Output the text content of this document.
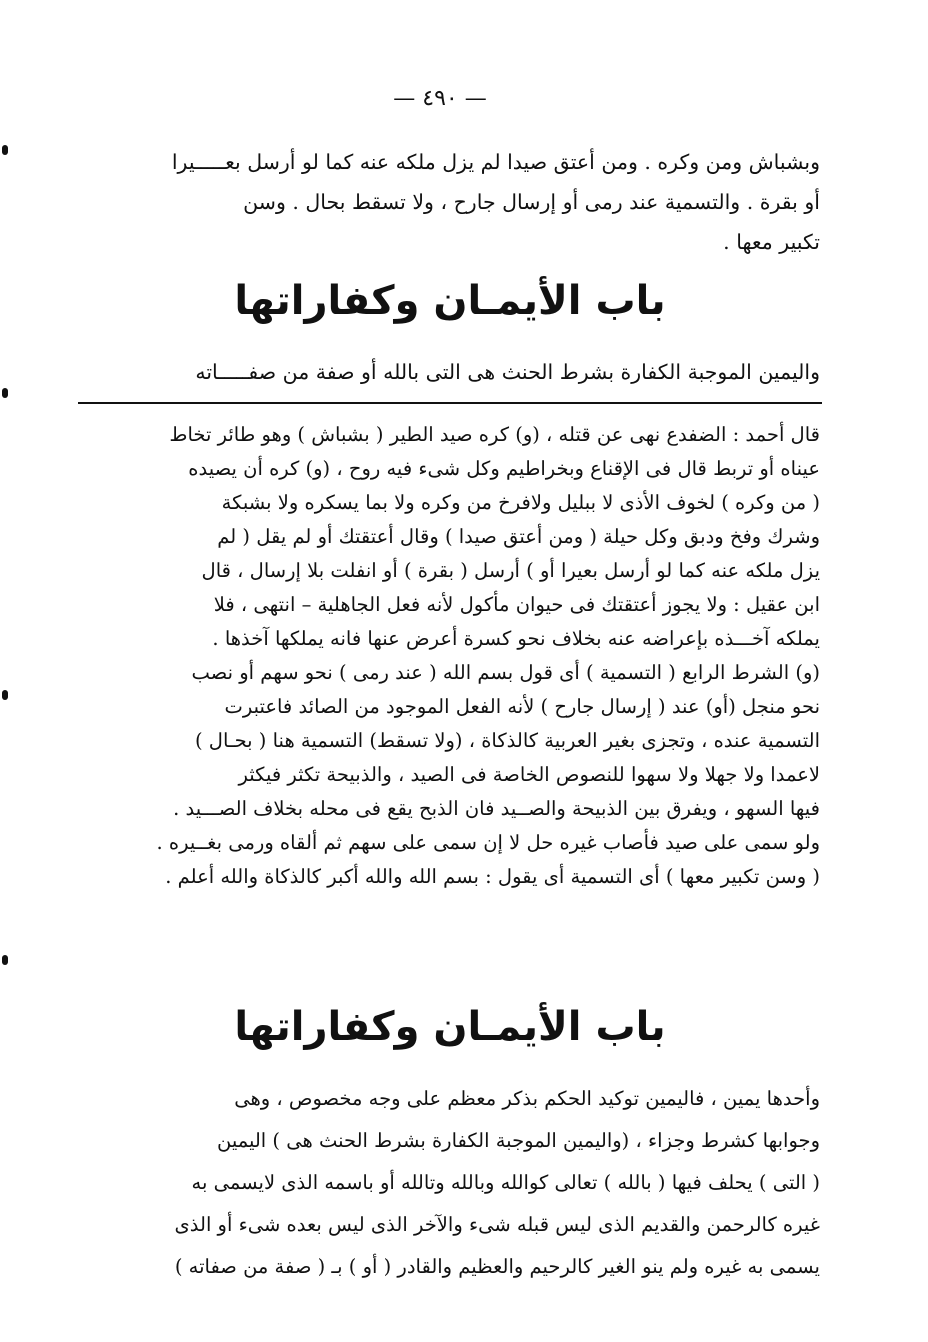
— ٤٩٠ —
وبشباش ومن وكره . ومن أعتق صيدا لم يزل ملكه عنه كما لو أرسل بعـــــيرا
أو بقرة . والتسمية عند رمى أو إرسال جارح ، ولا تسقط بحال . وسن
تكبير معها .
باب الأيمـان وكفاراتها
واليمين الموجبة الكفارة بشرط الحنث هى التى بالله أو صفة من صفـــــاته
قال أحمد : الضفدع نهى عن قتله ، (و) كره صيد الطير ( بشباش ) وهو طائر تخاط
عيناه أو تربط قال فى الإقناع وبخراطيم وكل شىء فيه روح ، (و) كره أن يصيده
( من وكره ) لخوف الأذى لا ببليل ولافرخ من وكره ولا بما يسكره ولا بشبكة
وشرك وفخ ودبق وكل حيلة ( ومن أعتق صيدا ) وقال أعتقتك أو لم يقل ( لم
يزل ملكه عنه كما لو أرسل بعيرا أو ) أرسل ( بقرة ) أو انفلت بلا إرسال ، قال
ابن عقيل : ولا يجوز أعتقتك فى حيوان مأكول لأنه فعل الجاهلية – انتهى ، فلا
يملكه آخـــذه بإعراضه عنه بخلاف نحو كسرة أعرض عنها فانه يملكها آخذها .
(و) الشرط الرابع ( التسمية ) أى قول بسم الله ( عند رمى ) نحو سهم أو نصب
نحو منجل (أو) عند ( إرسال جارح ) لأنه الفعل الموجود من الصائد فاعتبرت
التسمية عنده ، وتجزى بغير العربية كالذكاة ، (ولا تسقط) التسمية هنا ( بحـال )
لاعمدا ولا جهلا ولا سهوا للنصوص الخاصة فى الصيد ، والذبيحة تكثر فيكثر
فيها السهو ، ويفرق بين الذبيحة والصــيد فان الذبح يقع فى محله بخلاف الصـــيد .
ولو سمى على صيد فأصاب غيره حل لا إن سمى على سهم ثم ألقاه ورمى بغــيره .
( وسن تكبير معها ) أى التسمية أى يقول : بسم الله والله أكبر كالذكاة والله أعلم .
باب الأيمـان وكفاراتها
وأحدها يمين ، فاليمين توكيد الحكم بذكر معظم على وجه مخصوص ، وهى
وجوابها كشرط وجزاء ، (واليمين الموجبة الكفارة بشرط الحنث هى ) اليمين
( التى ) يحلف فيها ( بالله ) تعالى كوالله وبالله وتالله أو باسمه الذى لايسمى به
غيره كالرحمن والقديم الذى ليس قبله شىء والآخر الذى ليس بعده شىء أو الذى
يسمى به غيره ولم ينو الغير كالرحيم والعظيم والقادر ( أو ) بـ ( صفة من صفاته )
